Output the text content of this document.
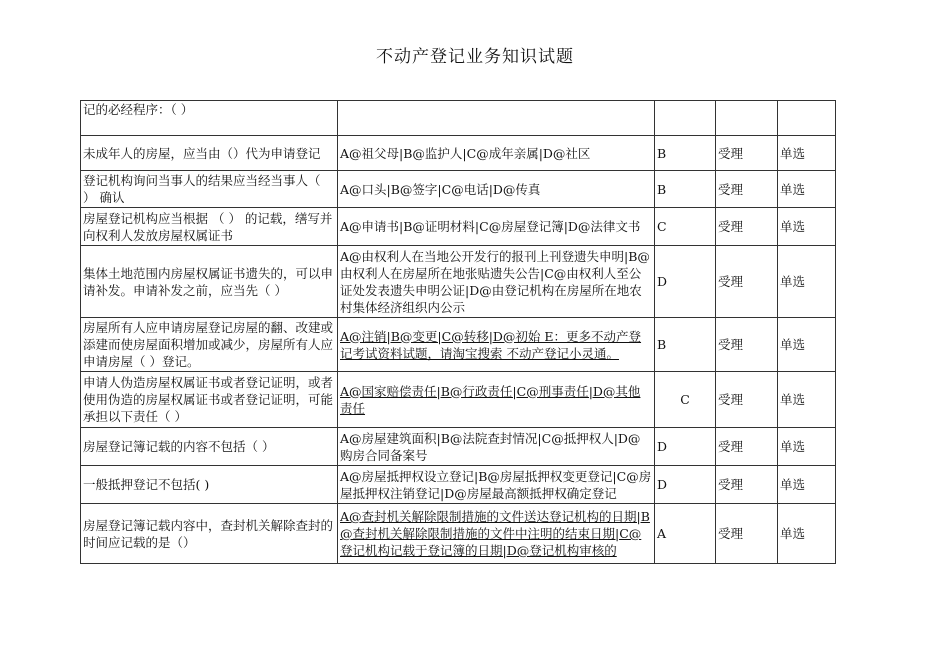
不动产登记业务知识试题
记的必经程序：（ ）				

未成年人的房屋，应当由（）代为申请登记	A@祖父母|B@监护人|C@成年亲属|D@社区	B	受理	单选

登记机构询问当事人的结果应当经当事人（ ） 确认	A@口头|B@签字|C@电话|D@传真	B	受理	单选

房屋登记机构应当根据 （ ） 的记载，缮写并向权利人发放房屋权属证书	A@申请书|B@证明材料|C@房屋登记簿|D@法律文书	C	受理	单选

集体土地范围内房屋权属证书遗失的，可以申请补发。申请补发之前，应当先（ ）	A@由权利人在当地公开发行的报刊上刊登遗失申明|B@由权利人在房屋所在地张贴遗失公告|C@由权利人至公证处发表遗失申明公证|D@由登记机构在房屋所在地农村集体经济组织内公示	D	受理	单选

房屋所有人应申请房屋登记房屋的翻、改建或添建而使房屋面积增加或减少，房屋所有人应申请房屋（ ）登记。	A@注销|B@变更|C@转移|D@初始 E：更多不动产登记考试资料试题，请淘宝搜索 不动产登记小灵通。	B	受理	单选

申请人伪造房屋权属证书或者登记证明，或者使用伪造的房屋权属证书或者登记证明，可能承担以下责任（ ）	A@国家赔偿责任|B@行政责任|C@刑事责任|D@其他责任	C	受理	单选

房屋登记簿记载的内容不包括（ ）	A@房屋建筑面积|B@法院查封情况|C@抵押权人|D@购房合同备案号	D	受理	单选

一般抵押登记不包括( )	A@房屋抵押权设立登记|B@房屋抵押权变更登记|C@房屋抵押权注销登记|D@房屋最高额抵押权确定登记	D	受理	单选

房屋登记簿记载内容中，查封机关解除查封的时间应记载的是（）	A@查封机关解除限制措施的文件送达登记机构的日期|B@查封机关解除限制措施的文件中注明的结束日期|C@登记机构记载于登记簿的日期|D@登记机构审核的	A	受理	单选
